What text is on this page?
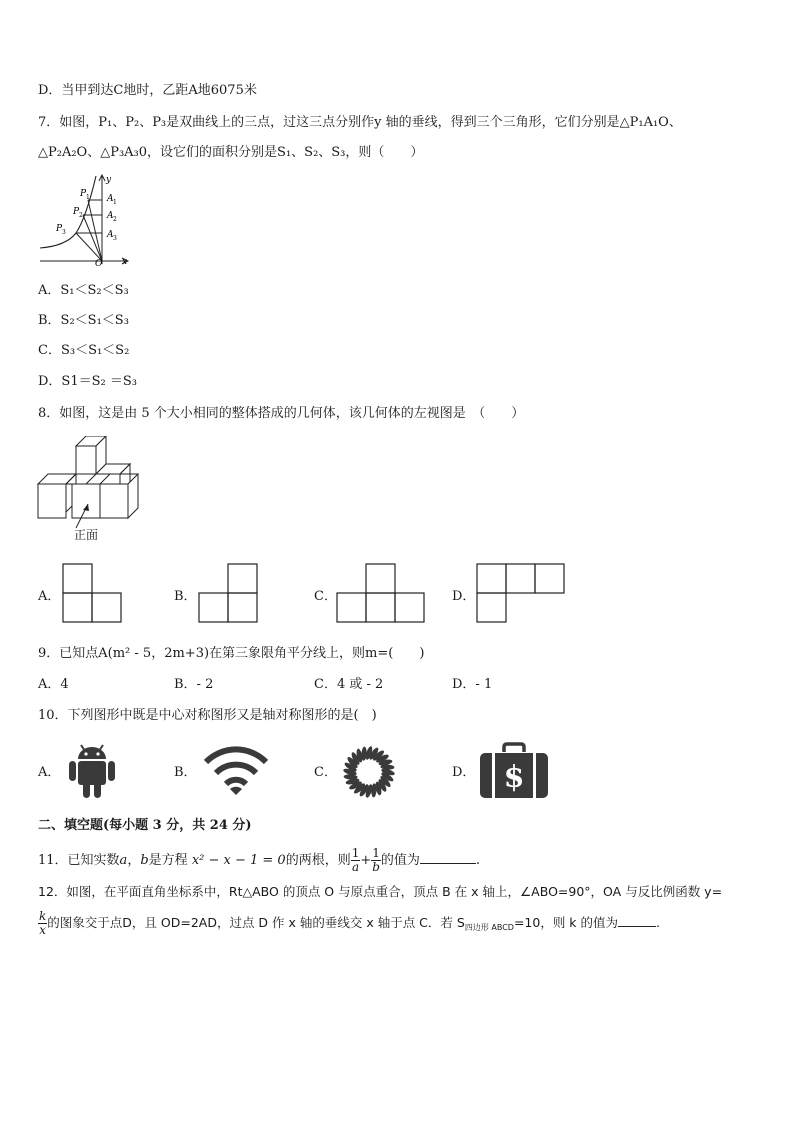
D．当甲到达C地时，乙距A地6075米
7．如图，P₁、P₂、P₃是双曲线上的三点，过这三点分别作y 轴的垂线，得到三个三角形，它们分别是△P₁A₁O、
△P₂A₂O、△P₃A₃0，设它们的面积分别是S₁、S₂、S₃，则（　　）
y
x
O
P 1
P 2
P 3
A 1
A 2
A 3
A．S₁＜S₂＜S₃
B．S₂＜S₁＜S₃
C．S₃＜S₁＜S₂
D．S1＝S₂ ＝S₃
8．如图，这是由 5 个大小相同的整体搭成的几何体，该几何体的左视图是　（　　）
正面
A．	B．	C．	D．
9．已知点A(m² - 5，2m+3)在第三象限角平分线上，则m=(　　)
A．4	B．- 2	C．4 或 - 2	D．- 1
10．下列图形中既是中心对称图形又是轴对称图形的是(　)
A．	B．	C．	D． $
二、填空题(每小题 3 分，共 24 分)
11．已知实数a，b是方程 x² − x − 1 = 0的两根，则 $\frac{1}{a} + \frac{1}{b}$ 的值为	.
12．如图，在平面直角坐标系中，Rt△ABO 的顶点 O 与原点重合，顶点 B 在 x 轴上，∠ABO=90°，OA 与反比例函数 y=
$\frac{k}{x}$ 的图象交于点D，且 OD=2AD，过点 D 作 x 轴的垂线交 x 轴于点 C．若 $S_{四边形 ABCD}=10$，则 k 的值为	.
